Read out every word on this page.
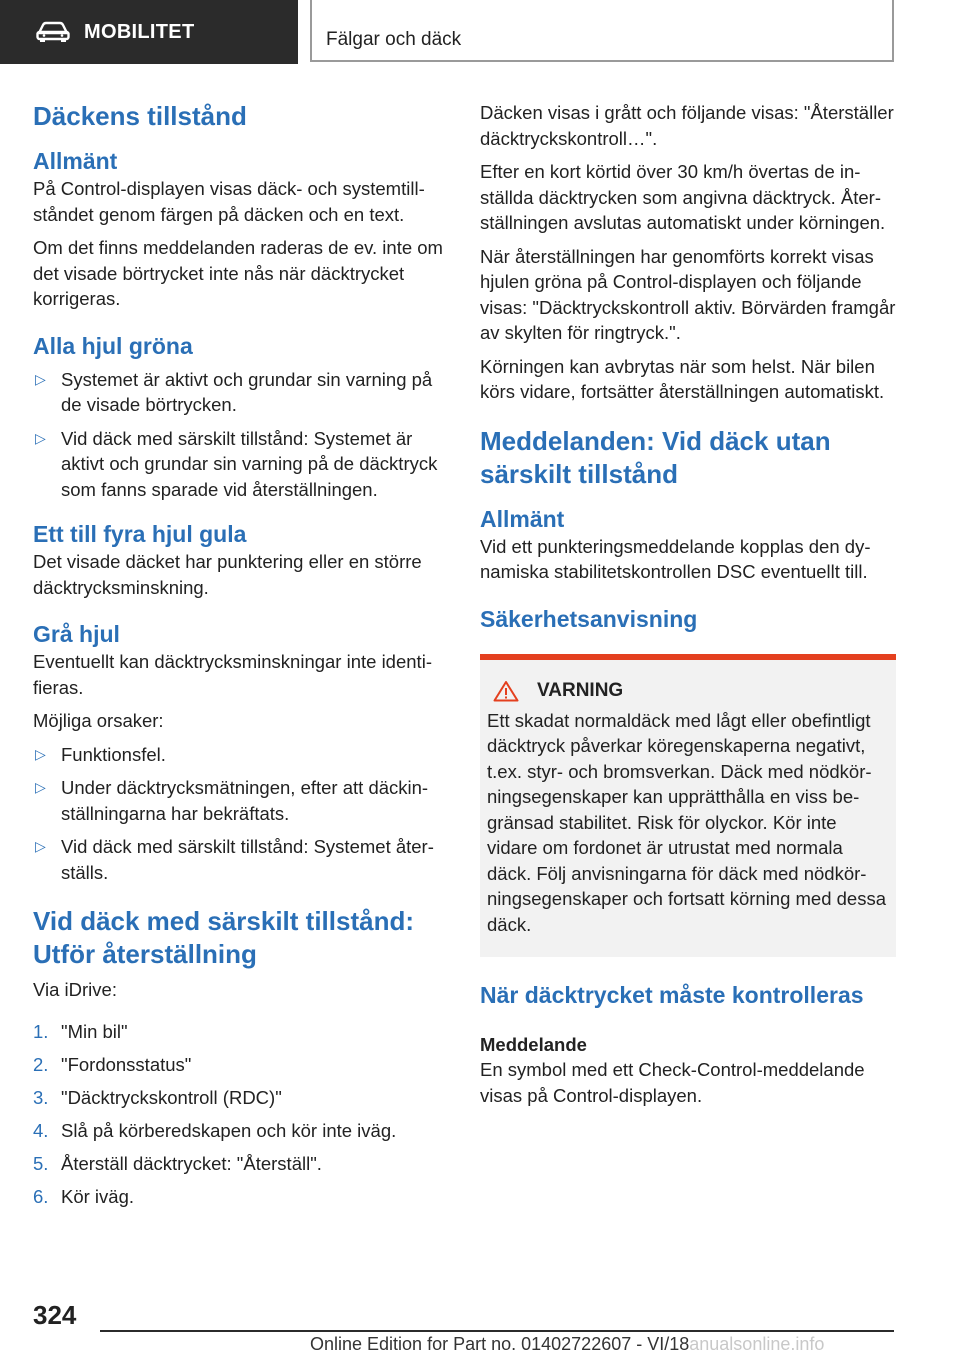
MOBILITET	Fälgar och däck
Däckens tillstånd
Allmänt

På Control-displayen visas däck- och systemtillståndet genom färgen på däcken och en text.

Om det finns meddelanden raderas de ev. inte om det visade börtrycket inte nås när däcktrycket korrigeras.

Alla hjul gröna
▷ Systemet är aktivt och grundar sin varning på de visade börtrycken.
▷ Vid däck med särskilt tillstånd: Systemet är aktivt och grundar sin varning på de däcktryck som fanns sparade vid återställningen.
Ett till fyra hjul gula

Det visade däcket har punktering eller en större däcktrycksminskning.

Grå hjul

Eventuellt kan däcktrycksminskningar inte identifieras.

Möjliga orsaker:

▷ Funktionsfel.
▷ Under däcktrycksmätningen, efter att däckinställningarna har bekräftats.
▷ Vid däck med särskilt tillstånd: Systemet återställs.
Vid däck med särskilt tillstånd: Utför återställning

Via iDrive:

1. "Min bil"
2. "Fordonsstatus"
3. "Däcktryckskontroll (RDC)"
4. Slå på körberedskapen och kör inte iväg.
5. Återställ däcktrycket: "Återställ".
6. Kör iväg.

Däcken visas i grått och följande visas: "Återställer däcktryckskontroll…".

Efter en kort körtid över 30 km/h övertas de inställda däcktrycken som angivna däcktryck. Återställningen avslutas automatiskt under körningen.

När återställningen har genomförts korrekt visas hjulen gröna på Control-displayen och följande visas: "Däcktryckskontroll aktiv. Börvärden framgår av skylten för ringtryck.".

Körningen kan avbrytas när som helst. När bilen körs vidare, fortsätter återställningen automatiskt.

Meddelanden: Vid däck utan särskilt tillstånd
Allmänt

Vid ett punkteringsmeddelande kopplas den dynamiska stabilitetskontrollen DSC eventuellt till.

Säkerhetsanvisning
VARNING

Ett skadat normaldäck med lågt eller obefintligt däcktryck påverkar köregenskaperna negativt, t.ex. styr- och bromsverkan. Däck med nödkörningsegenskaper kan upprätthålla en viss begränsad stabilitet. Risk för olyckor. Kör inte vidare om fordonet är utrustat med normala däck. Följ anvisningarna för däck med nödkörningsegenskaper och fortsatt körning med dessa däck.

När däcktrycket måste kontrolleras

Meddelande

En symbol med ett Check-Control-meddelande visas på Control-displayen.

324
Online Edition for Part no. 01402722607 - VI/18anualsonline.info
